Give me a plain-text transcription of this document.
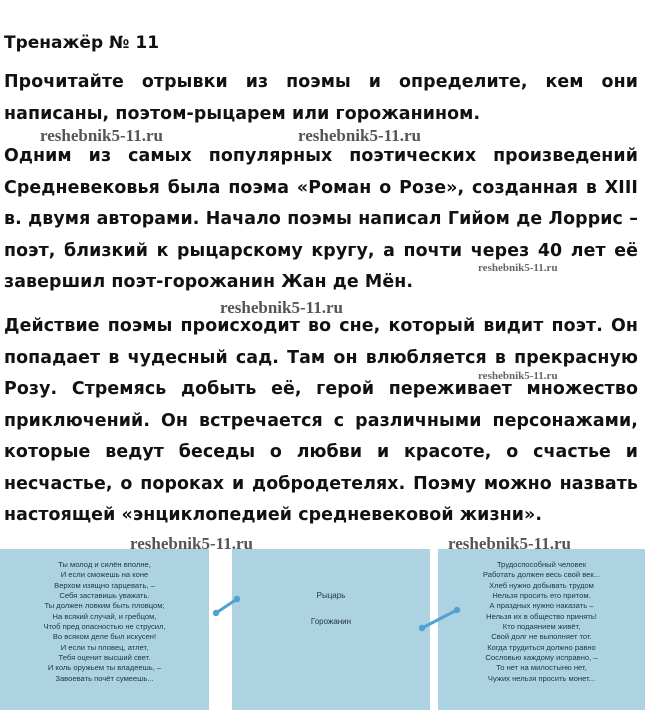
Тренажёр № 11

Прочитайте отрывки из поэмы и определите, кем они написаны, поэтом-рыцарем или горожанином.

Одним из самых популярных поэтических произведений Средневековья была поэма «Роман о Розе», созданная в XIII в. двумя авторами. Начало поэмы написал Гийом де Лоррис – поэт, близкий к рыцарскому кругу, а почти через 40 лет её завершил поэт-горожанин Жан де Мён.

Действие поэмы происходит во сне, который видит поэт. Он попадает в чудесный сад. Там он влюбляется в прекрасную Розу. Стремясь добыть её, герой переживает множество приключений. Он встречается с различными персонажами, которые ведут беседы о любви и красоте, о счастье и несчастье, о пороках и добродетелях. Поэму можно назвать настоящей «энциклопедией средневековой жизни».

reshebnik5-11.ru	reshebnik5-11.ru
reshebnik5-11.ru
reshebnik5-11.ru
reshebnik5-11.ru
reshebnik5-11.ru	reshebnik5-11.ru
Ты молод и силён вполне,
И если сможешь на коне
Верхом изящно гарцевать, –
Себя заставишь уважать.
Ты должен ловким быть пловцом;
На всякий случай, и гребцом,
Чтоб пред опасностью не струсил,
Во всяком деле был искусен!
И если ты пловец, атлет,
Тебя оценит высший свет.
И коль оружьем ты владеешь, –
Завоевать почёт сумеешь...
Рыцарь
Горожанин
Трудоспособный человек
Работать должен весь свой век...
Хлеб нужно добывать трудом
Нельзя просить его притом.
А праздных нужно наказать –
Нельзя их в общество принять!
Кто подаянием живёт,
Свой долг не выполняет тот.
Когда трудиться должно равно
Сословью каждому исправно, –
То нет на милостыню нет,
Чужих нельзя просить монет...
